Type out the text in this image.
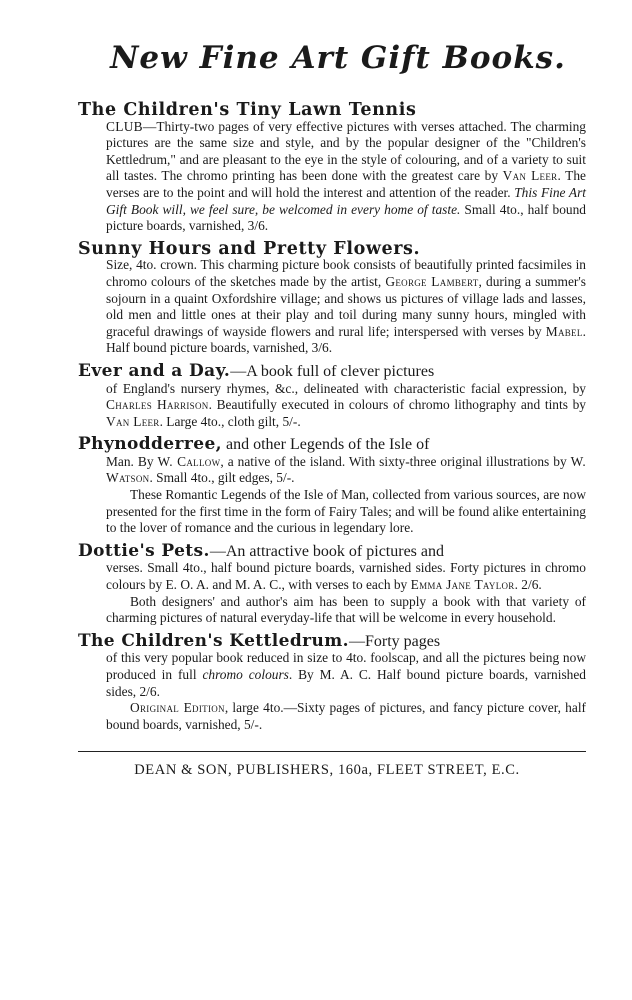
New Fine Art Gift Books.

The Children's Tiny Lawn Tennis
CLUB—Thirty-two pages of very effective pictures with verses attached. The charming pictures are the same size and style, and by the popular designer of the "Children's Kettledrum," and are pleasant to the eye in the style of colouring, and of a variety to suit all tastes. The chromo printing has been done with the greatest care by Van Leer. The verses are to the point and will hold the interest and attention of the reader. This Fine Art Gift Book will, we feel sure, be welcomed in every home of taste. Small 4to., half bound picture boards, varnished, 3/6.

Sunny Hours and Pretty Flowers.
Size, 4to. crown. This charming picture book consists of beautifully printed facsimiles in chromo colours of the sketches made by the artist, George Lambert, during a summer's sojourn in a quaint Oxfordshire village; and shows us pictures of village lads and lasses, old men and little ones at their play and toil during many sunny hours, mingled with graceful drawings of wayside flowers and rural life; interspersed with verses by Mabel. Half bound picture boards, varnished, 3/6.

Ever and a Day.—A book full of clever pictures
of England's nursery rhymes, &c., delineated with characteristic facial expression, by Charles Harrison. Beautifully executed in colours of chromo lithography and tints by Van Leer. Large 4to., cloth gilt, 5/-.

Phynodderree, and other Legends of the Isle of
Man. By W. Callow, a native of the island. With sixty-three original illustrations by W. Watson. Small 4to., gilt edges, 5/-.

These Romantic Legends of the Isle of Man, collected from various sources, are now presented for the first time in the form of Fairy Tales; and will be found alike entertaining to the lover of romance and the curious in legendary lore.

Dottie's Pets.—An attractive book of pictures and
verses. Small 4to., half bound picture boards, varnished sides. Forty pictures in chromo colours by E. O. A. and M. A. C., with verses to each by Emma Jane Taylor. 2/6.

Both designers' and author's aim has been to supply a book with that variety of charming pictures of natural everyday-life that will be welcome in every household.

The Children's Kettledrum.—Forty pages
of this very popular book reduced in size to 4to. foolscap, and all the pictures being now produced in full chromo colours. By M. A. C. Half bound picture boards, varnished sides, 2/6.

Original Edition, large 4to.—Sixty pages of pictures, and fancy picture cover, half bound boards, varnished, 5/-.

DEAN & SON, PUBLISHERS, 160a, FLEET STREET, E.C.
